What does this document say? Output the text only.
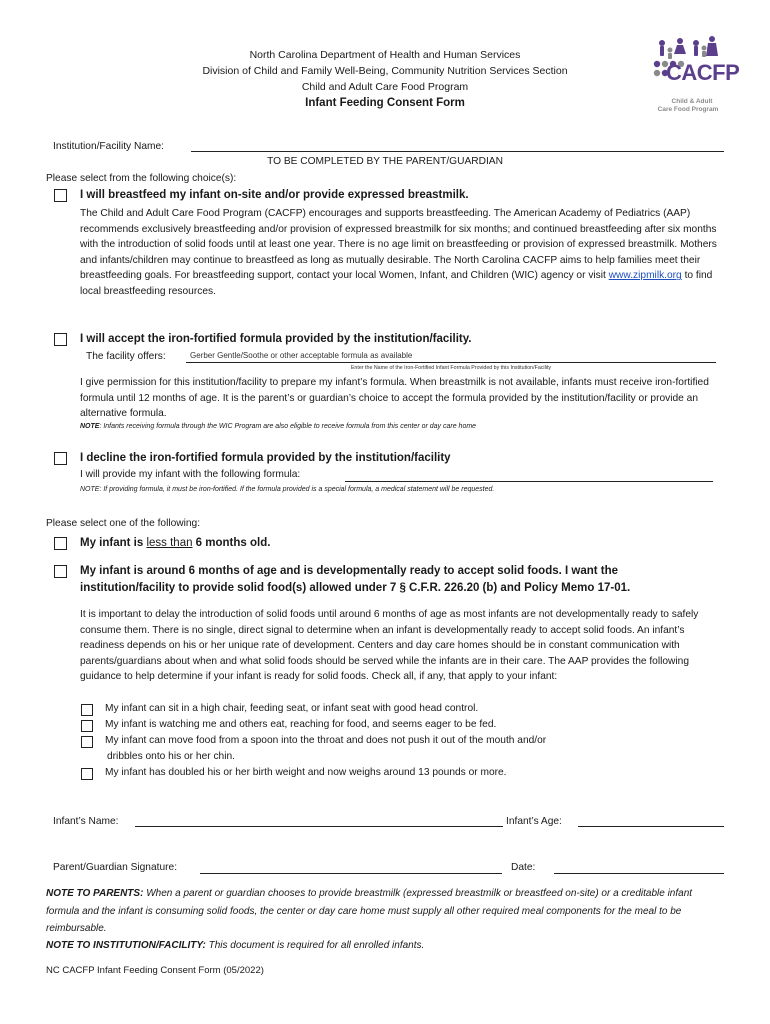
North Carolina Department of Health and Human Services
Division of Child and Family Well-Being, Community Nutrition Services Section
Child and Adult Care Food Program
Infant Feeding Consent Form
CACFP
Child & Adult
Care Food Program
Institution/Facility Name:
TO BE COMPLETED BY THE PARENT/GUARDIAN
Please select from the following choice(s):
I will breastfeed my infant on-site and/or provide expressed breastmilk.
The Child and Adult Care Food Program (CACFP) encourages and supports breastfeeding. The American Academy of Pediatrics (AAP) recommends exclusively breastfeeding and/or provision of expressed breastmilk for six months; and continued breastfeeding after six months with the introduction of solid foods until at least one year. There is no age limit on breastfeeding or provision of expressed breastmilk. Mothers and infants/children may continue to breastfeed as long as mutually desirable. The North Carolina CACFP aims to help families meet their breastfeeding goals. For breastfeeding support, contact your local Women, Infant, and Children (WIC) agency or visit www.zipmilk.org to find local breastfeeding resources.
I will accept the iron-fortified formula provided by the institution/facility.
The facility offers:	Gerber Gentle/Soothe or other acceptable formula as available
Enter the Name of the Iron-Fortified Infant Formula Provided by this Institution/Facility
I give permission for this institution/facility to prepare my infant’s formula. When breastmilk is not available, infants must receive iron-fortified formula until 12 months of age. It is the parent’s or guardian’s choice to accept the formula provided by the institution/facility or provide an alternative formula.
NOTE: Infants receiving formula through the WIC Program are also eligible to receive formula from this center or day care home
I decline the iron-fortified formula provided by the institution/facility
I will provide my infant with the following formula:
NOTE: If providing formula, it must be iron-fortified. If the formula provided is a special formula, a medical statement will be requested.
Please select one of the following:
My infant is less than 6 months old.
My infant is around 6 months of age and is developmentally ready to accept solid foods. I want the
institution/facility to provide solid food(s) allowed under 7 § C.F.R. 226.20 (b) and Policy Memo 17-01.
It is important to delay the introduction of solid foods until around 6 months of age as most infants are not developmentally ready to safely consume them. There is no single, direct signal to determine when an infant is developmentally ready to accept solid foods. An infant’s readiness depends on his or her unique rate of development. Centers and day care homes should be in constant communication with parents/guardians about when and what solid foods should be served while the infants are in their care. The AAP provides the following guidance to help determine if your infant is ready for solid foods. Check all, if any, that apply to your infant:
My infant can sit in a high chair, feeding seat, or infant seat with good head control.
My infant is watching me and others eat, reaching for food, and seems eager to be fed.
My infant can move food from a spoon into the throat and does not push it out of the mouth and/or
dribbles onto his or her chin.
My infant has doubled his or her birth weight and now weighs around 13 pounds or more.
Infant’s Name:	Infant’s Age:
Parent/Guardian Signature:	Date:
NOTE TO PARENTS: When a parent or guardian chooses to provide breastmilk (expressed breastmilk or breastfeed on-site) or a creditable infant formula and the infant is consuming solid foods, the center or day care home must supply all other required meal components for the meal to be reimbursable.
NOTE TO INSTITUTION/FACILITY: This document is required for all enrolled infants.
NC CACFP Infant Feeding Consent Form (05/2022)
